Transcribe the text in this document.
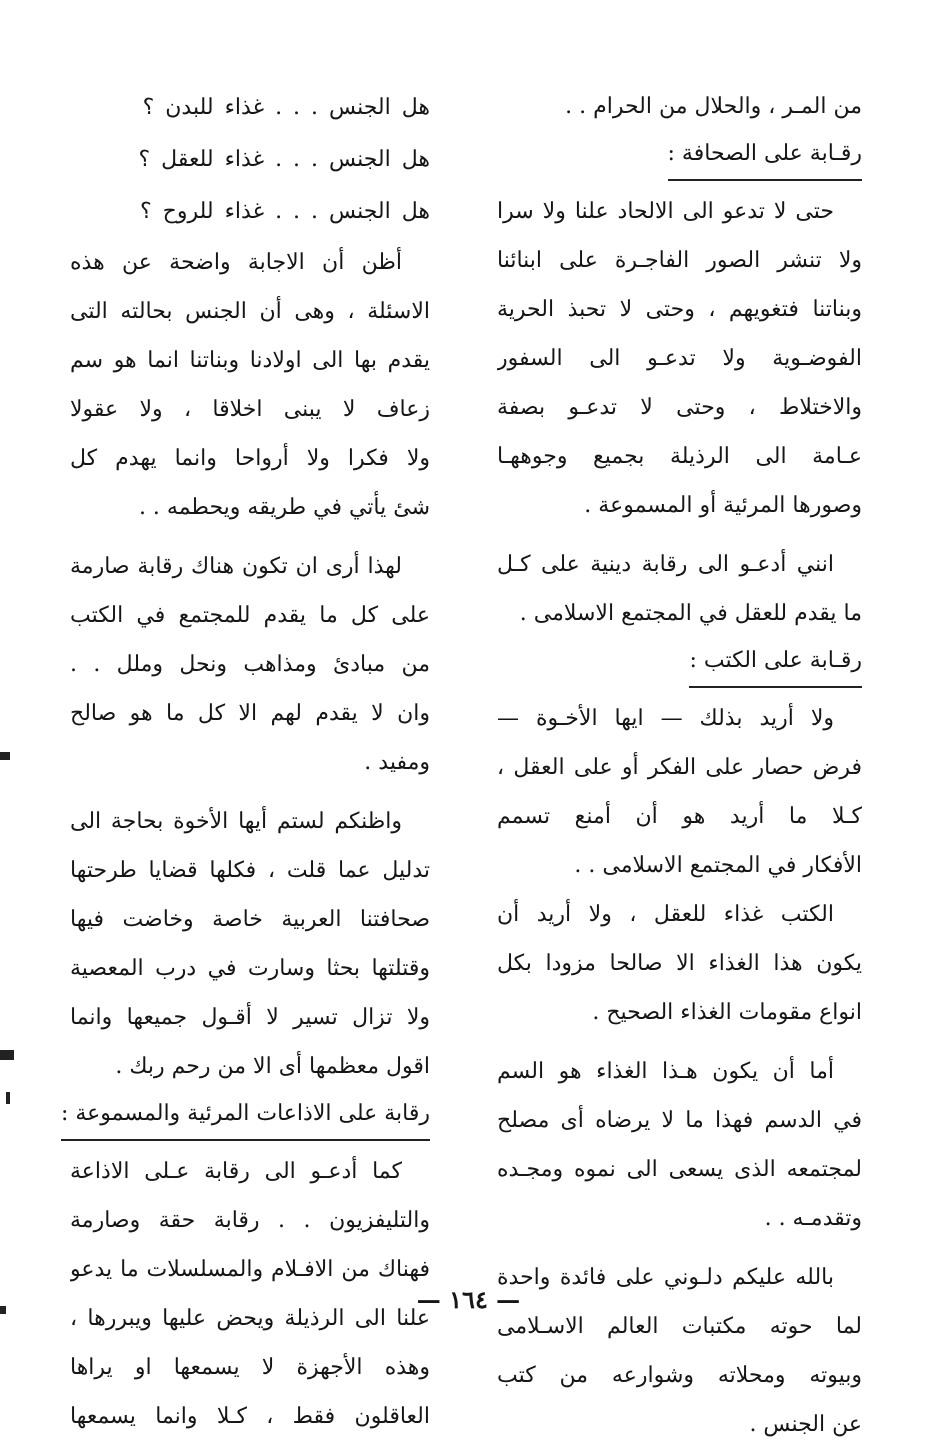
من المـر ، والحلال من الحرام . .
رقـابة على الصحافة :
حتى لا تدعو الى الالحاد علنا ولا سرا
ولا تنشر الصور الفاجـرة على ابنائنا
وبناتنا فتغويهم ، وحتى لا تحبذ الحرية
الفوضـوية ولا تدعـو الى السفور
والاختلاط ، وحتى لا تدعـو بصفة
عـامة الى الرذيلة بجميع وجوههـا
وصورها المرئية أو المسموعة .
انني أدعـو الى رقابة دينية على كـل
ما يقدم للعقل في المجتمع الاسلامى .
رقـابة على الكتب :
ولا أريد بذلك — ايها الأخـوة —
فرض حصار على الفكر أو على العقل ،
كـلا ما أريد هو أن أمنع تسمم
الأفكار في المجتمع الاسلامى . .
الكتب غذاء للعقل ، ولا أريد أن
يكون هذا الغذاء الا صالحا مزودا بكل
انواع مقومات الغذاء الصحيح .
أما أن يكون هـذا الغذاء هو السم
في الدسم فهذا ما لا يرضاه أى مصلح
لمجتمعه الذى يسعى الى نموه ومجـده
وتقدمـه . .
بالله عليكم دلـوني على فائدة واحدة
لما حوته مكتبات العالم الاسـلامى
وبيوته ومحلاته وشوارعه من كتب
عن الجنس .
هل الجنس . . . غذاء للبدن ؟
هل الجنس . . . غذاء للعقل ؟
هل الجنس . . . غذاء للروح ؟
أظن أن الاجابة واضحة عن هذه
الاسئلة ، وهى أن الجنس بحالته التى
يقدم بها الى اولادنا وبناتنا انما هو سم
زعاف لا يبنى اخلاقا ، ولا عقولا
ولا فكرا ولا أرواحا وانما يهدم كل
شئ يأتي في طريقه ويحطمه . .
لهذا أرى ان تكون هناك رقابة صارمة
على كل ما يقدم للمجتمع في الكتب
من مبادئ ومذاهب ونحل وملل . .
وان لا يقدم لهم الا كل ما هو صالح
ومفيد .
واظنكم لستم أيها الأخوة بحاجة الى
تدليل عما قلت ، فكلها قضايا طرحتها
صحافتنا العربية خاصة وخاضت فيها
وقتلتها بحثا وسارت في درب المعصية
ولا تزال تسير لا أقـول جميعها وانما
اقول معظمها أى الا من رحم ربك .
رقابة على الاذاعات المرئية والمسموعة :
كما أدعـو الى رقابة عـلى الاذاعة
والتليفزيون . . رقابة حقة وصارمة
فهناك من الافـلام والمسلسلات ما يدعو
علنا الى الرذيلة ويحض عليها ويبررها ،
وهذه الأجهزة لا يسمعها او يراها
العاقلون فقط ، كـلا وانما يسمعها
— ١٦٤ —
